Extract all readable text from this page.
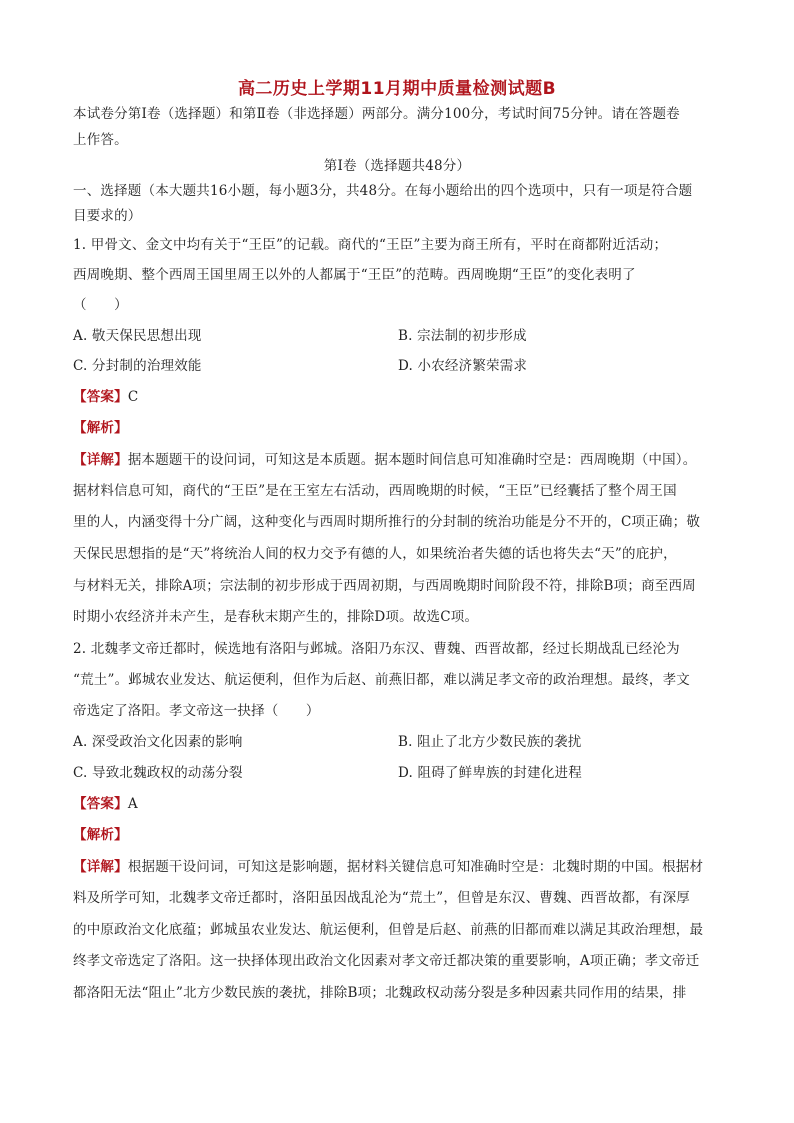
高二历史上学期11月期中质量检测试题B
本试卷分第Ⅰ卷（选择题）和第Ⅱ卷（非选择题）两部分。满分100分，考试时间75分钟。请在答题卷
上作答。
第Ⅰ卷（选择题共48分）
一、选择题（本大题共16小题，每小题3分，共48分。在每小题给出的四个选项中，只有一项是符合题
目要求的）
1. 甲骨文、金文中均有关于“王臣”的记载。商代的“王臣”主要为商王所有，平时在商都附近活动；
西周晚期、整个西周王国里周王以外的人都属于“王臣”的范畴。西周晚期“王臣”的变化表明了
（　　）
A. 敬天保民思想出现	B. 宗法制的初步形成
C. 分封制的治理效能	D. 小农经济繁荣需求
【答案】C
【解析】
【详解】据本题题干的设问词，可知这是本质题。据本题时间信息可知准确时空是：西周晚期（中国）。
据材料信息可知，商代的“王臣”是在王室左右活动，西周晚期的时候，“王臣”已经囊括了整个周王国
里的人，内涵变得十分广阔，这种变化与西周时期所推行的分封制的统治功能是分不开的，C项正确；敬
天保民思想指的是“天”将统治人间的权力交予有德的人，如果统治者失德的话也将失去“天”的庇护，
与材料无关，排除A项；宗法制的初步形成于西周初期，与西周晚期时间阶段不符，排除B项；商至西周
时期小农经济并未产生，是春秋末期产生的，排除D项。故选C项。
2. 北魏孝文帝迁都时，候选地有洛阳与邺城。洛阳乃东汉、曹魏、西晋故都，经过长期战乱已经沦为
“荒土”。邺城农业发达、航运便利，但作为后赵、前燕旧都，难以满足孝文帝的政治理想。最终，孝文
帝选定了洛阳。孝文帝这一抉择（　　）
A. 深受政治文化因素的影响	B. 阻止了北方少数民族的袭扰
C. 导致北魏政权的动荡分裂	D. 阻碍了鲜卑族的封建化进程
【答案】A
【解析】
【详解】根据题干设问词，可知这是影响题，据材料关键信息可知准确时空是：北魏时期的中国。根据材
料及所学可知，北魏孝文帝迁都时，洛阳虽因战乱沦为“荒土”，但曾是东汉、曹魏、西晋故都，有深厚
的中原政治文化底蕴；邺城虽农业发达、航运便利，但曾是后赵、前燕的旧都而难以满足其政治理想，最
终孝文帝选定了洛阳。这一抉择体现出政治文化因素对孝文帝迁都决策的重要影响，A项正确；孝文帝迁
都洛阳无法“阻止”北方少数民族的袭扰，排除B项；北魏政权动荡分裂是多种因素共同作用的结果，排
